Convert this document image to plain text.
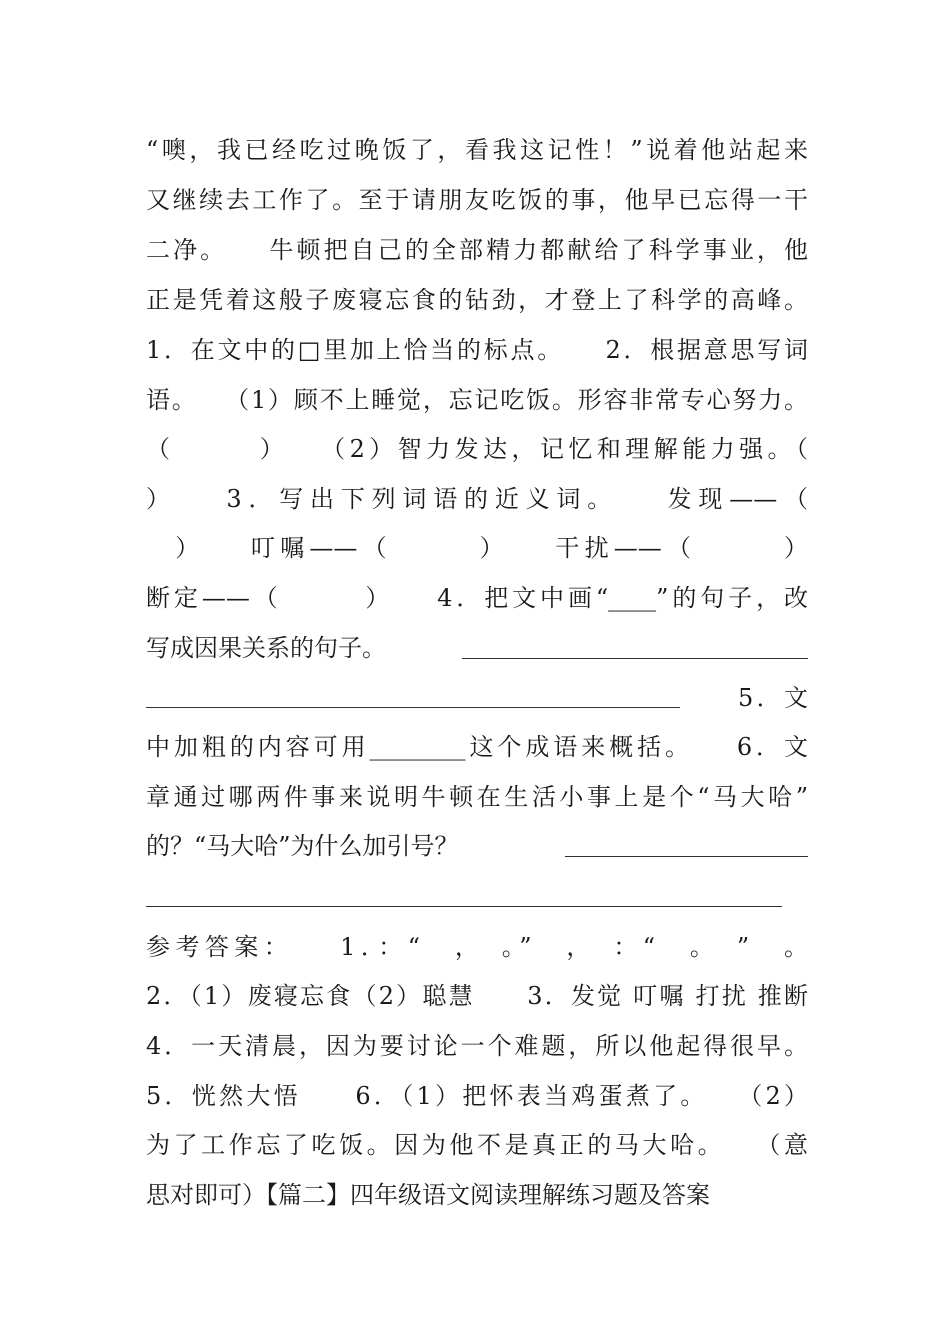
“噢，我已经吃过晚饭了，看我这记性！”说着他站起来
又继续去工作了。至于请朋友吃饭的事，他早已忘得一干
二净。　　牛顿把自己的全部精力都献给了科学事业，他
正是凭着这般子废寝忘食的钻劲，才登上了科学的高峰。
1．在文中的□里加上恰当的标点。　　2．根据意思写词
语。　　（1）顾不上睡觉，忘记吃饭。形容非常专心努力。
（　　　）　　（2）智力发达，记忆和理解能力强。（
）　　3．写出下列词语的近义词。　　发现——（
　）　　叮嘱——（　　　）　　干扰——（　　　）
断定——（　　　）　　4．把文中画“____”的句子，改
写成因果关系的句子。
5．文
中加粗的内容可用________这个成语来概括。　　6．文
章通过哪两件事来说明牛顿在生活小事上是个“马大哈”
的？“马大哈”为什么加引号？
参考答案：　　1．：“　，　。”　，　：“　。　”　。
2．（1）废寝忘食（2）聪慧　　3．发觉 叮嘱 打扰 推断
4．一天清晨，因为要讨论一个难题，所以他起得很早。
5．恍然大悟　　6．（1）把怀表当鸡蛋煮了。　　（2）
为了工作忘了吃饭。因为他不是真正的马大哈。　　（意
思对即可）【篇二】四年级语文阅读理解练习题及答案
